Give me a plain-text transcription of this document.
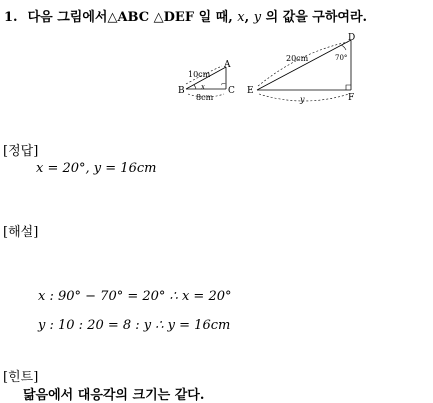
1. 다음 그림에서△ABC △DEF 일 때, x, y 의 값을 구하여라.
⌐
B	C
A
10cm
8cm
x	E
F
D
20cm
y
70°
[정답]
x = 20°, y = 16cm
[해설]
x : 90° − 70° = 20° ∴ x = 20°
y : 10 : 20 = 8 : y ∴ y = 16cm
[힌트]
닮음에서 대응각의 크기는 같다.
